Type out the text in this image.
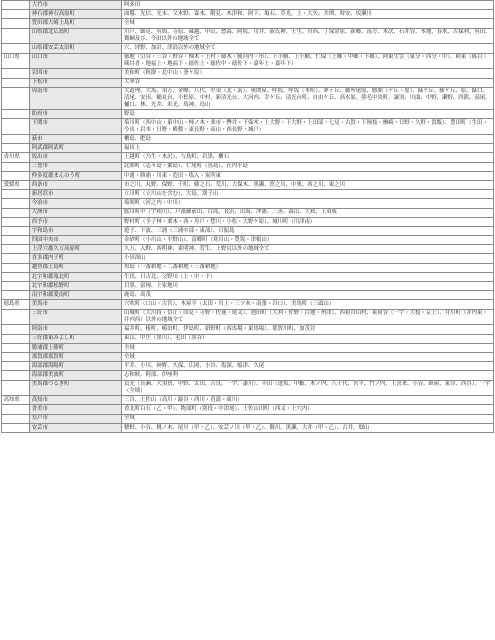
	大竹市	阿多田
	神石郡神石高原町	面鷲、光信、光末、父木野、森木、階見、木津和、阿下、亀石、草光、上・大矢、井関、時安、坂瀬川
	豊田郡大崎上島町	全域
	山県郡北広島町	川戸、細見、有間、寺原、蔵越、中山、惣森、阿坂、川井、新氏神、壬生、川西、丁保余原、新郷、南方、木次、石井谷、本地、春木、古保利、有田、舞綱及び、今田以外の地域全て
	山県郡安芸太田町	穴、坪野、加計、津浪以外の地域全て
山口県	山口市	徳地（引谷・三谷・野谷・柚木・上村・藤木・鯖河内・串）、下小鯖、上小鯖、仁保（上郷・中郷・下郷）、阿東生雲（東分・西分・中）、阿東（篠目・蔵目喜・地福上・地福下・徳佐上・徳佐中・徳佐下・嘉年上・嘉年下）
	岩国市	美和町（秋掛・北中山・釜ケ原）
	下松市	大華谷
	周南市	大道理、大馬、須万、金峰、八代、中須（北・南）、奥関屋、呼坂、呼坂（本町）、夢ヶ丘、御所尾原、勝間（ケ丘・原）、緑ケ丘、藤ケ丘、原、緑口、清尾、安田、鶴見台、小松原、中村、新清光台、大河内、幸ケ丘、清光台町、自由ケ丘、高水原、熊毛中央町、譲羽、川曲、中野、瀬野、四熊、高尾、樋口、林、光井、米光、馬神、鳥山
	防府市	野島
	下関市	菊川町（西中山・東中山・柿ノ木・楽市・轡井・下保木・上大野・下大野・上田部・七見・古賀・下岡枝・楢崎・日野・久野・貴飯）、豊田町（生田・今出・岩本・日野・殿敷・東長野・高山・西長野・城戸）
	萩市	櫃島、肥島
	阿武郡阿武町	福田上
香川県	坂出市	王越町（乃生・木沢）、与島町、岩黒、櫃石
	三豊市	詫間町（志々島・粟島）、仁尾町（蔦島）、荘内半島
	仲多度郡まんのう町	中通・勝浦・川東・造田・塩入・炭所東
愛媛県	西条市	市之川、丸野、保野、千町、藤之石、荒川、大保木、黒瀬、笹之川、中奥、西之川、東之川
	新居浜市	立川町（立川山を含む）、大島、別子山
	今治市	菊間町（河之内・中川）
	大洲市	肱川町中（宇和川）、戸祇御前山、白滝、長浜、出海、沖浦、三善、森山、大和、上須戒
	西予市	野村町（予子林・栗木・西・舟戸・惣川・小松・大野ケ原）、城川町（川津南）
	宇和島市	遊子、下波、三浦（三浦中部・東部）、日振島
	四国中央市	金砂町（小川山・平野山）、富郷町（寒川山・豊坂・津根山）
	上浮穴郡久万高原町	久万、入野、西明神、東明神、菅生、上野尻以外の地域全て
	喜多郡内子町	小田深山
	越智郡上島町	魚島（一番耕地・二番耕地・三番耕地）
	北宇和郡鬼北町	生田、日吉北、父野川（上・中・下）
	北宇和郡松野町	目黒、富岡、上家地川
	南宇和郡愛南町	鹿島、高茂
徳島県	美馬市	穴吹町（口山・古宮）、木屋平（太田・川上・三ツ木・南張・谷口）、美馬町（三頭山）
	三好市	山城町（大川持・信正・国見・寺野・佐連・尾又）、池田町（大利・佐野・白地・州津）、西祖谷山村、東祖谷（一宇・大枝・京上）、井川町（井内東・井内西）以外の地域全て
	阿南市	福井町、椿町、椿泊町、伊島町、新野町（西馬場・東馬場）、那賀川町、加茂谷
	三好郡東みよし町	東山、中庄（黒川）、毛田（黒谷）
	勝浦郡上勝町	全域
	那賀郡那賀町	全域
	海部郡海陽町	平井、小川、神野、久保、広岡、小谷、塩深、船津、久尾
	海部郡美波町	志和岐、阿部、伊座利
	美馬郡つるぎ町	貞光（長瀬、大須賀、中野、太田、吉良、一宇、漆川）、半田（逢坂、中藪、木ノ内、八千代、宮平、竹ノ内、上喜来、小谷、紙屋、東谷、西谷）、一宇（全域）
高知県	高知市	三谷、土佐山（高川・鏡谷・西川・菖蒲・東川）
	香美市	香北町白石（乙・甲）、物部町（別役・中津尾）、土佐山田町（西又・上穴内）
	室戸市	全域
	安芸市	穂野、小谷、桃ノ木、尾川（甲・乙）、安芸ノ川（甲・乙）、舞川、黒瀬、大井（甲・乙）、古井、畑山
